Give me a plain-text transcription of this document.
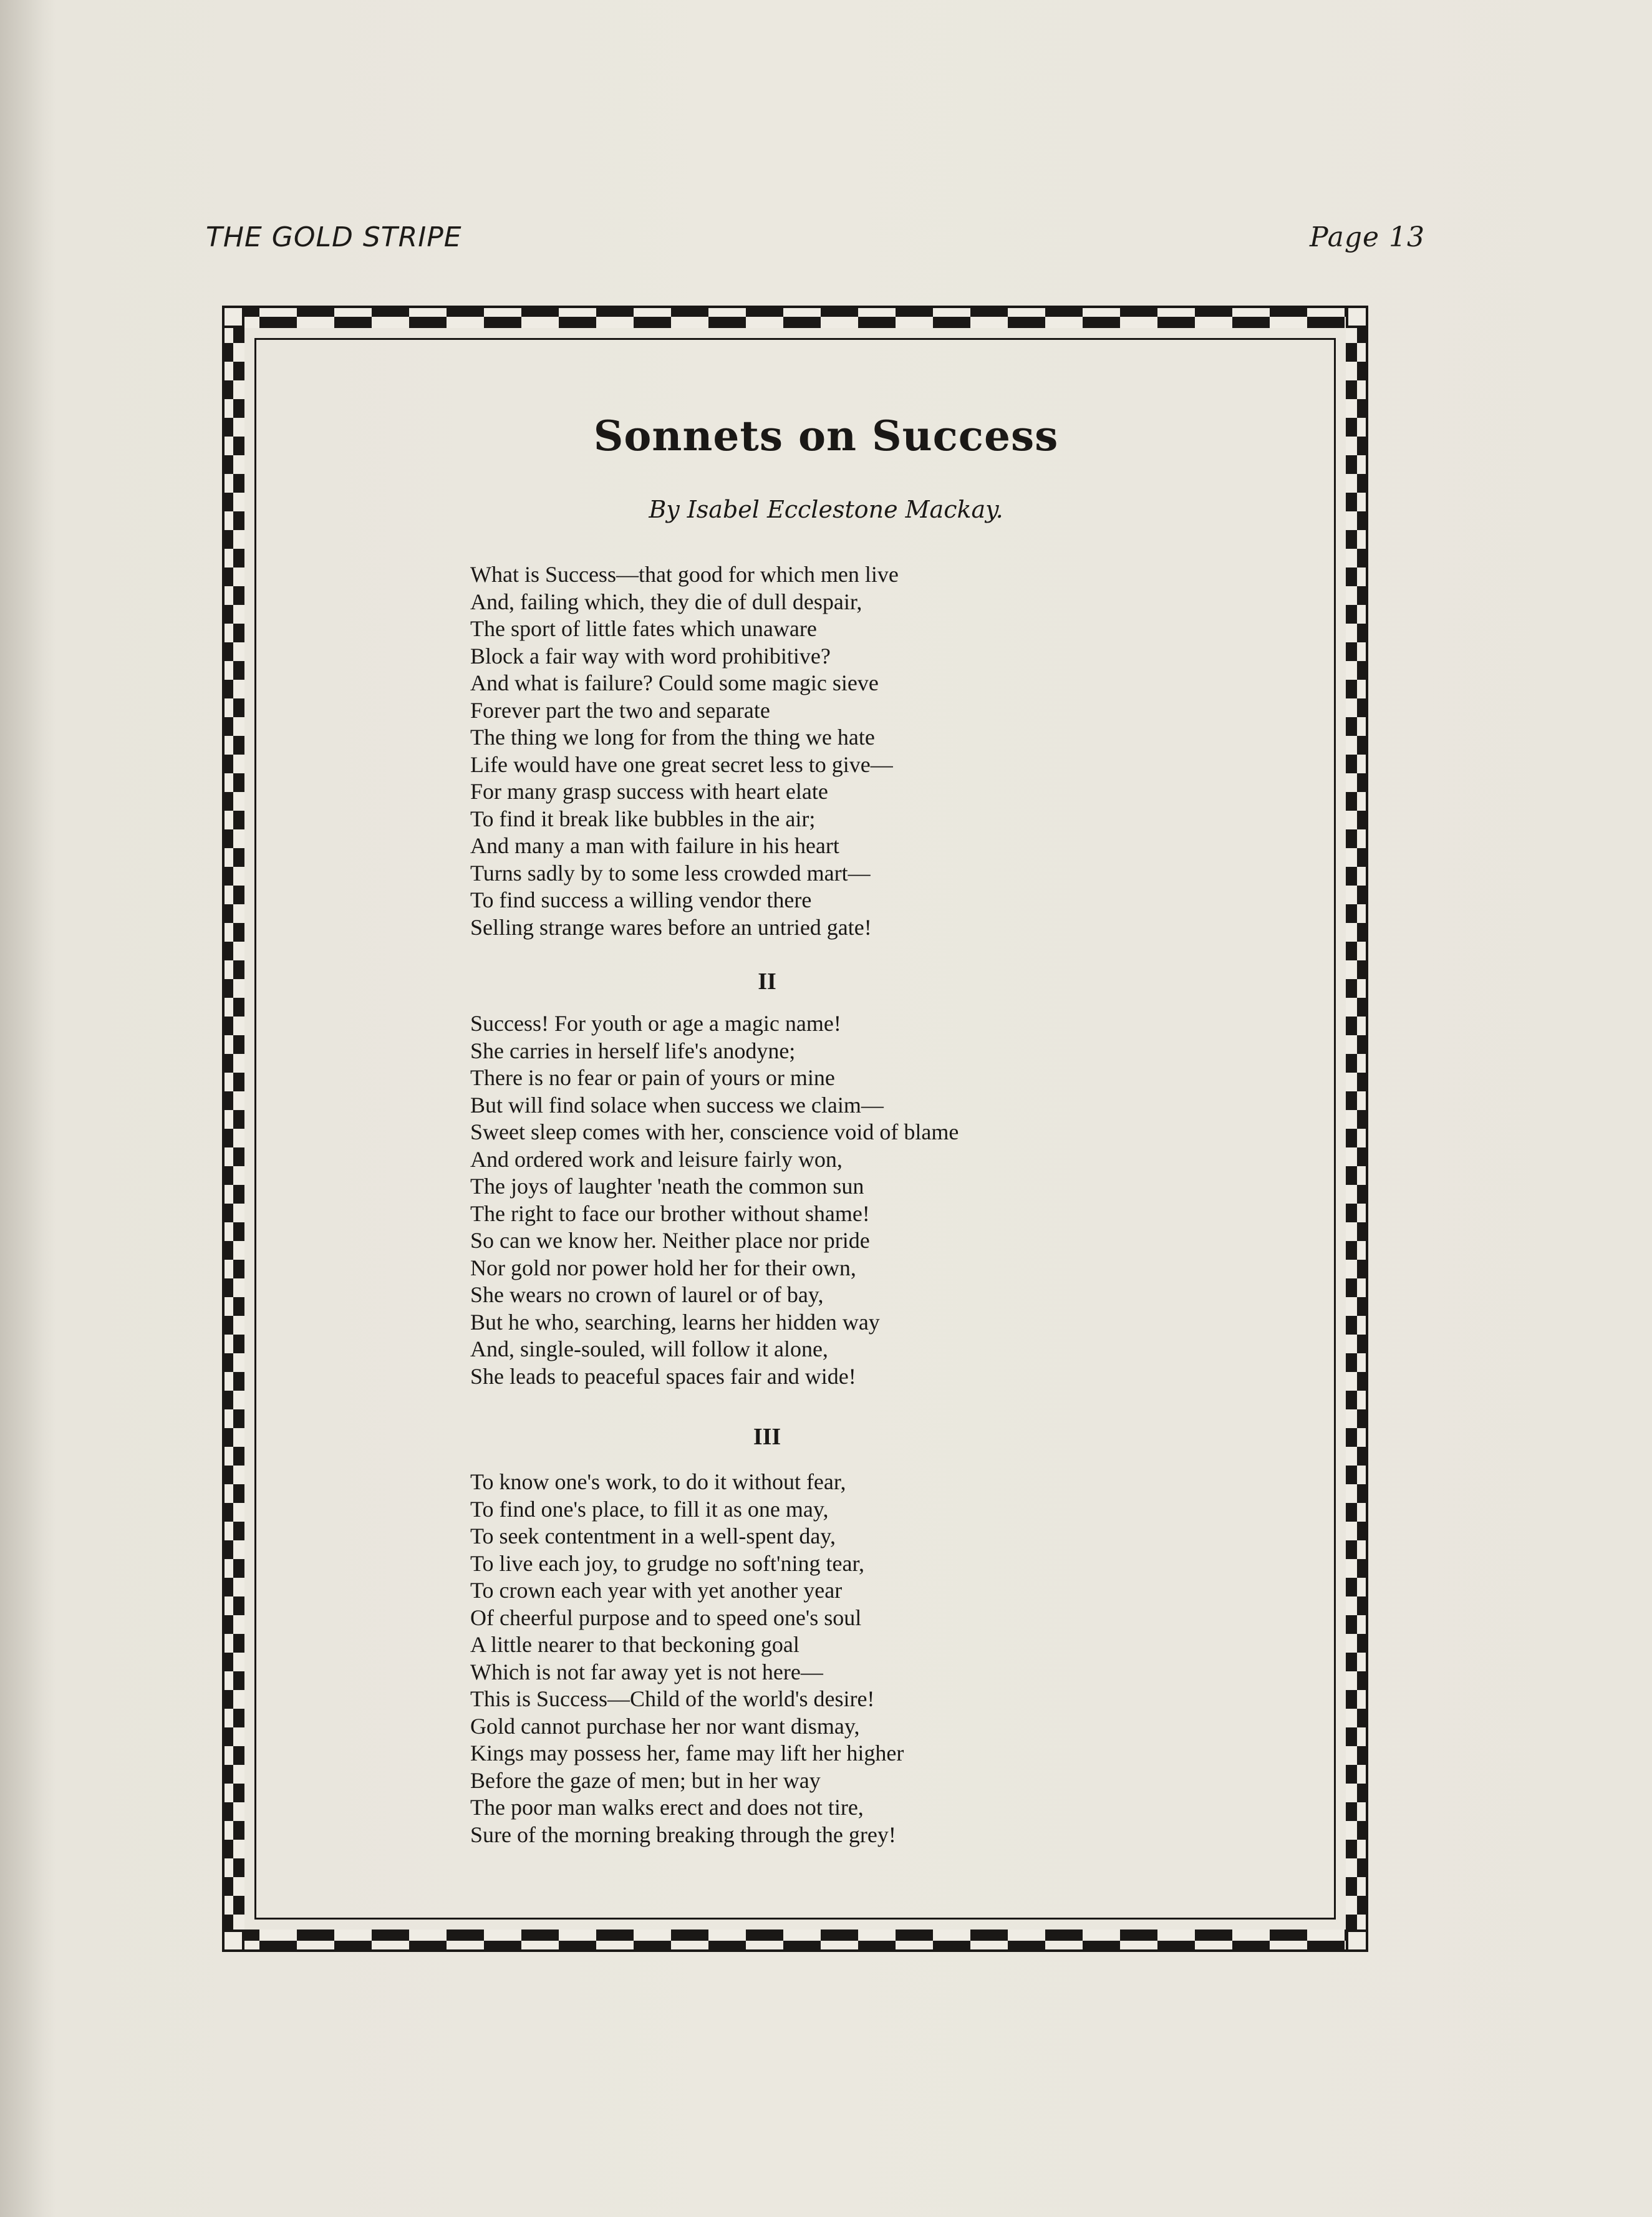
THE GOLD STRIPE	Page 13
Sonnets on Success
By Isabel Ecclestone Mackay.
What is Success—that good for which men live
And, failing which, they die of dull despair,
The sport of little fates which unaware
Block a fair way with word prohibitive?
And what is failure? Could some magic sieve
Forever part the two and separate
The thing we long for from the thing we hate
Life would have one great secret less to give—
For many grasp success with heart elate
To find it break like bubbles in the air;
And many a man with failure in his heart
Turns sadly by to some less crowded mart—
To find success a willing vendor there
Selling strange wares before an untried gate!
II
Success! For youth or age a magic name!
She carries in herself life's anodyne;
There is no fear or pain of yours or mine
But will find solace when success we claim—
Sweet sleep comes with her, conscience void of blame
And ordered work and leisure fairly won,
The joys of laughter 'neath the common sun
The right to face our brother without shame!
So can we know her. Neither place nor pride
Nor gold nor power hold her for their own,
She wears no crown of laurel or of bay,
But he who, searching, learns her hidden way
And, single-souled, will follow it alone,
She leads to peaceful spaces fair and wide!
III
To know one's work, to do it without fear,
To find one's place, to fill it as one may,
To seek contentment in a well-spent day,
To live each joy, to grudge no soft'ning tear,
To crown each year with yet another year
Of cheerful purpose and to speed one's soul
A little nearer to that beckoning goal
Which is not far away yet is not here—
This is Success—Child of the world's desire!
Gold cannot purchase her nor want dismay,
Kings may possess her, fame may lift her higher
Before the gaze of men; but in her way
The poor man walks erect and does not tire,
Sure of the morning breaking through the grey!
